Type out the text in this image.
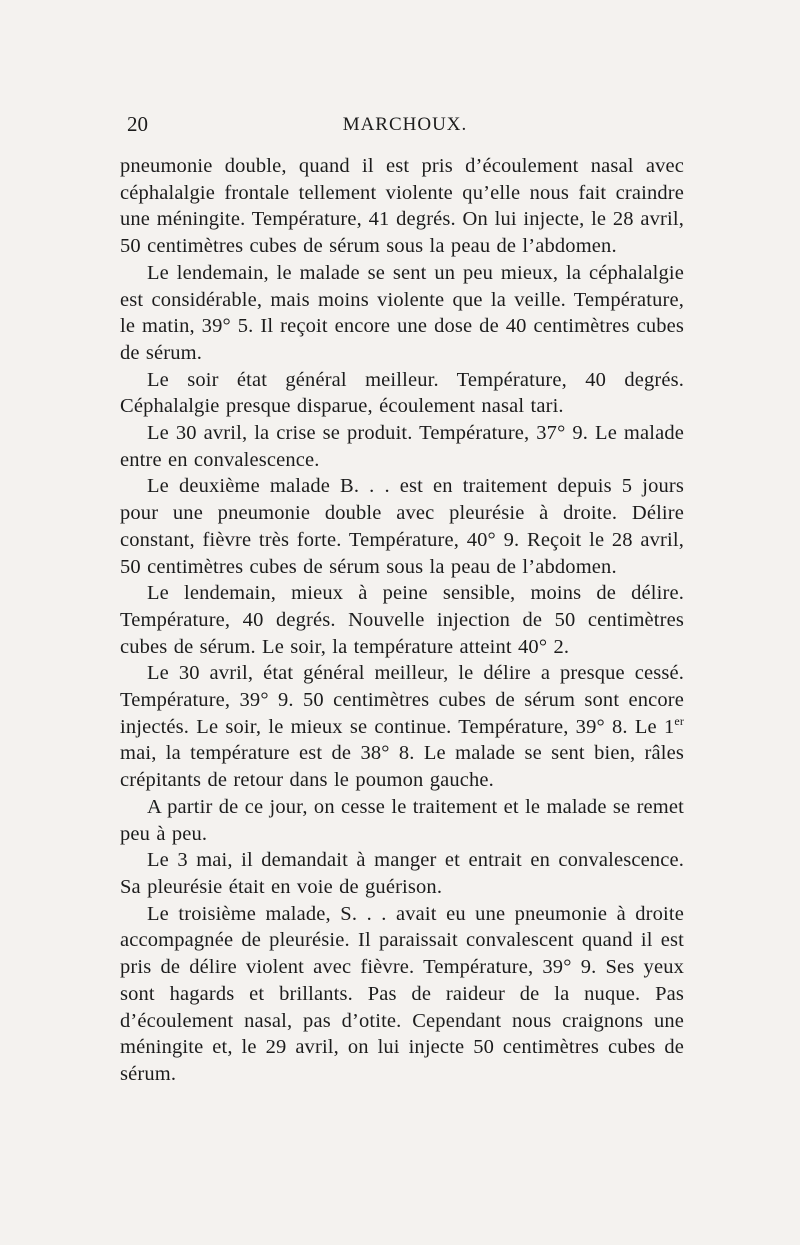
20	MARCHOUX.

pneumonie double, quand il est pris d’écoulement nasal avec céphalalgie frontale tellement violente qu’elle nous fait craindre une méningite. Température, 41 degrés. On lui injecte, le 28 avril, 50 centimètres cubes de sérum sous la peau de l’abdomen.

Le lendemain, le malade se sent un peu mieux, la céphalalgie est considérable, mais moins violente que la veille. Température, le matin, 39° 5. Il reçoit encore une dose de 40 centimètres cubes de sérum.

Le soir état général meilleur. Température, 40 degrés. Céphalalgie presque disparue, écoulement nasal tari.

Le 30 avril, la crise se produit. Température, 37° 9. Le malade entre en convalescence.

Le deuxième malade B. . . est en traitement depuis 5 jours pour une pneumonie double avec pleurésie à droite. Délire constant, fièvre très forte. Température, 40° 9. Reçoit le 28 avril, 50 centimètres cubes de sérum sous la peau de l’abdomen.

Le lendemain, mieux à peine sensible, moins de délire. Température, 40 degrés. Nouvelle injection de 50 centimètres cubes de sérum. Le soir, la température atteint 40° 2.

Le 30 avril, état général meilleur, le délire a presque cessé. Température, 39° 9. 50 centimètres cubes de sérum sont encore injectés. Le soir, le mieux se continue. Température, 39° 8. Le 1er mai, la température est de 38° 8. Le malade se sent bien, râles crépitants de retour dans le poumon gauche.

A partir de ce jour, on cesse le traitement et le malade se remet peu à peu.

Le 3 mai, il demandait à manger et entrait en convalescence. Sa pleurésie était en voie de guérison.

Le troisième malade, S. . . avait eu une pneumonie à droite accompagnée de pleurésie. Il paraissait convalescent quand il est pris de délire violent avec fièvre. Température, 39° 9. Ses yeux sont hagards et brillants. Pas de raideur de la nuque. Pas d’écoulement nasal, pas d’otite. Cependant nous craignons une méningite et, le 29 avril, on lui injecte 50 centimètres cubes de sérum.
